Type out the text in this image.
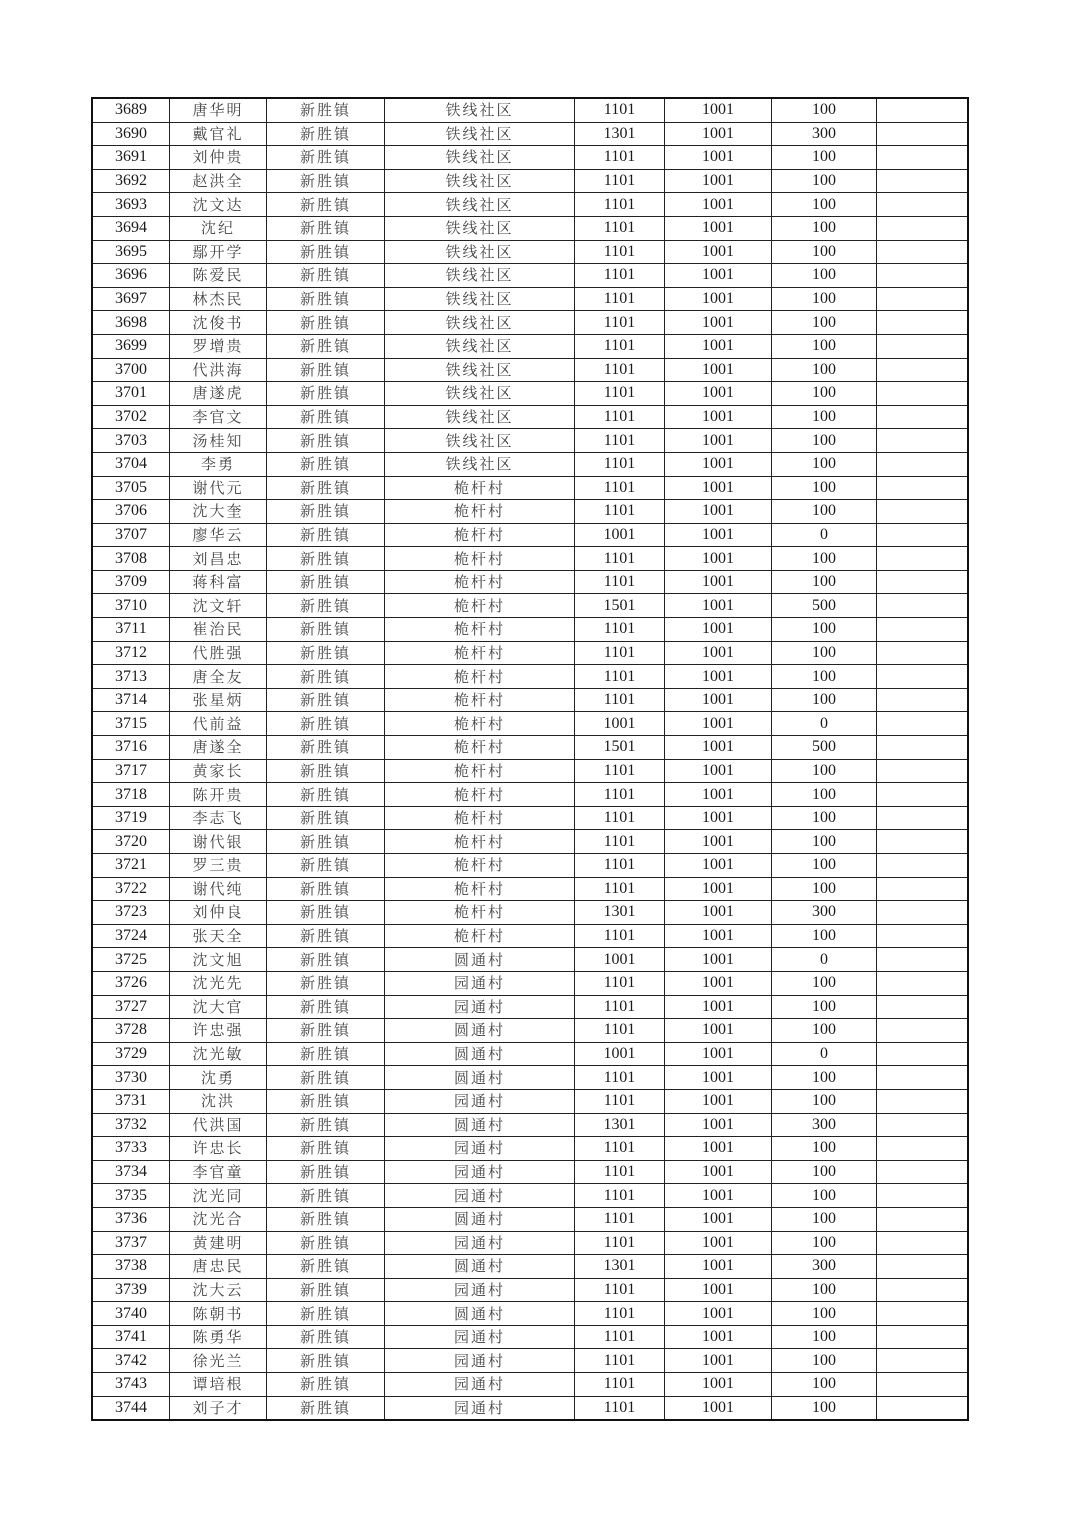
3689	唐华明	新胜镇	铁线社区	1101	1001	100	
3690	戴官礼	新胜镇	铁线社区	1301	1001	300	
3691	刘仲贵	新胜镇	铁线社区	1101	1001	100	
3692	赵洪全	新胜镇	铁线社区	1101	1001	100	
3693	沈文达	新胜镇	铁线社区	1101	1001	100	
3694	沈纪	新胜镇	铁线社区	1101	1001	100	
3695	鄢开学	新胜镇	铁线社区	1101	1001	100	
3696	陈爱民	新胜镇	铁线社区	1101	1001	100	
3697	林杰民	新胜镇	铁线社区	1101	1001	100	
3698	沈俊书	新胜镇	铁线社区	1101	1001	100	
3699	罗增贵	新胜镇	铁线社区	1101	1001	100	
3700	代洪海	新胜镇	铁线社区	1101	1001	100	
3701	唐遂虎	新胜镇	铁线社区	1101	1001	100	
3702	李官文	新胜镇	铁线社区	1101	1001	100	
3703	汤桂知	新胜镇	铁线社区	1101	1001	100	
3704	李勇	新胜镇	铁线社区	1101	1001	100	
3705	谢代元	新胜镇	桅杆村	1101	1001	100	
3706	沈大奎	新胜镇	桅杆村	1101	1001	100	
3707	廖华云	新胜镇	桅杆村	1001	1001	0	
3708	刘昌忠	新胜镇	桅杆村	1101	1001	100	
3709	蒋科富	新胜镇	桅杆村	1101	1001	100	
3710	沈文轩	新胜镇	桅杆村	1501	1001	500	
3711	崔治民	新胜镇	桅杆村	1101	1001	100	
3712	代胜强	新胜镇	桅杆村	1101	1001	100	
3713	唐全友	新胜镇	桅杆村	1101	1001	100	
3714	张星炳	新胜镇	桅杆村	1101	1001	100	
3715	代前益	新胜镇	桅杆村	1001	1001	0	
3716	唐遂全	新胜镇	桅杆村	1501	1001	500	
3717	黄家长	新胜镇	桅杆村	1101	1001	100	
3718	陈开贵	新胜镇	桅杆村	1101	1001	100	
3719	李志飞	新胜镇	桅杆村	1101	1001	100	
3720	谢代银	新胜镇	桅杆村	1101	1001	100	
3721	罗三贵	新胜镇	桅杆村	1101	1001	100	
3722	谢代纯	新胜镇	桅杆村	1101	1001	100	
3723	刘仲良	新胜镇	桅杆村	1301	1001	300	
3724	张天全	新胜镇	桅杆村	1101	1001	100	
3725	沈文旭	新胜镇	圆通村	1001	1001	0	
3726	沈光先	新胜镇	园通村	1101	1001	100	
3727	沈大官	新胜镇	园通村	1101	1001	100	
3728	许忠强	新胜镇	圆通村	1101	1001	100	
3729	沈光敏	新胜镇	圆通村	1001	1001	0	
3730	沈勇	新胜镇	圆通村	1101	1001	100	
3731	沈洪	新胜镇	园通村	1101	1001	100	
3732	代洪国	新胜镇	圆通村	1301	1001	300	
3733	许忠长	新胜镇	园通村	1101	1001	100	
3734	李官童	新胜镇	园通村	1101	1001	100	
3735	沈光同	新胜镇	园通村	1101	1001	100	
3736	沈光合	新胜镇	圆通村	1101	1001	100	
3737	黄建明	新胜镇	园通村	1101	1001	100	
3738	唐忠民	新胜镇	圆通村	1301	1001	300	
3739	沈大云	新胜镇	园通村	1101	1001	100	
3740	陈朝书	新胜镇	圆通村	1101	1001	100	
3741	陈勇华	新胜镇	园通村	1101	1001	100	
3742	徐光兰	新胜镇	园通村	1101	1001	100	
3743	谭培根	新胜镇	园通村	1101	1001	100	
3744	刘子才	新胜镇	园通村	1101	1001	100	
